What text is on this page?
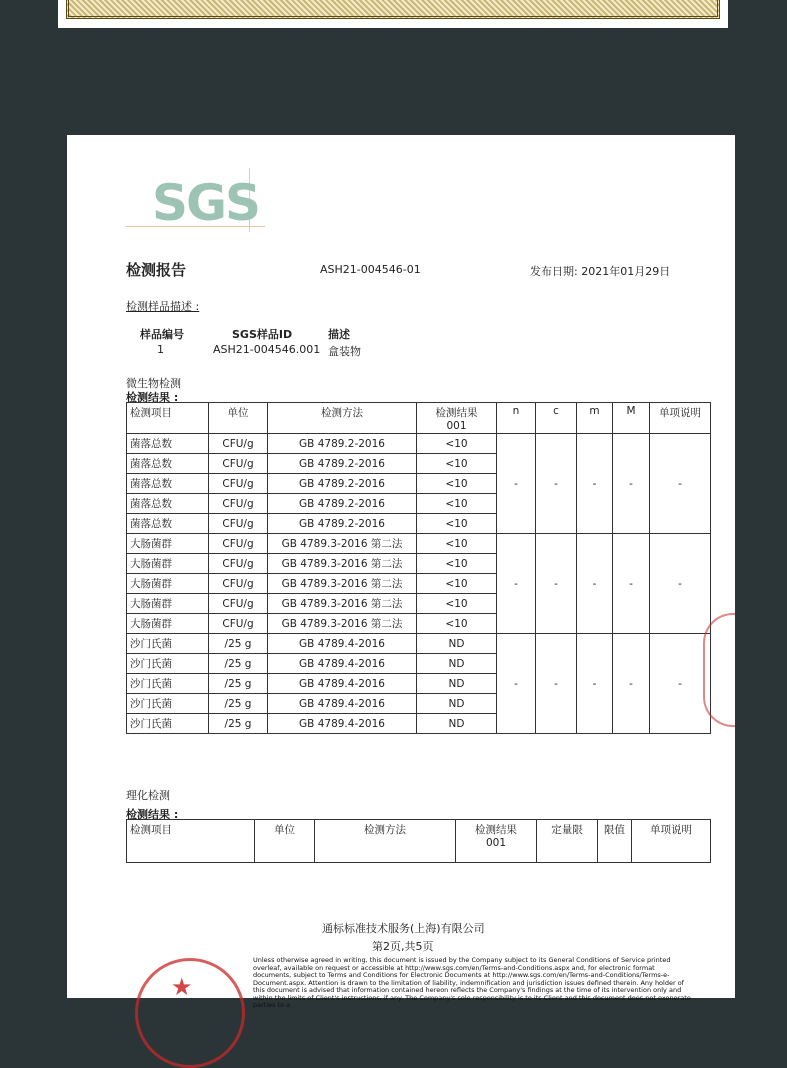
SGS
检测报告	ASH21-004546-01	发布日期: 2021年01月29日
检测样品描述 :
样品编号	SGS样品ID	描述
1	ASH21-004546.001 盒装物
微生物检测
检测结果 :
检测项目	单位	检测方法	检测结果
001	n	c	m	M	单项说明
菌落总数	CFU/g	GB 4789.2-2016	<10	-	-	-	-	-
菌落总数	CFU/g	GB 4789.2-2016	<10					
菌落总数	CFU/g	GB 4789.2-2016	<10					
菌落总数	CFU/g	GB 4789.2-2016	<10					
菌落总数	CFU/g	GB 4789.2-2016	<10					
大肠菌群	CFU/g	GB 4789.3-2016 第二法	<10	-	-	-	-	-
大肠菌群	CFU/g	GB 4789.3-2016 第二法	<10					
大肠菌群	CFU/g	GB 4789.3-2016 第二法	<10					
大肠菌群	CFU/g	GB 4789.3-2016 第二法	<10					
大肠菌群	CFU/g	GB 4789.3-2016 第二法	<10					
沙门氏菌	/25 g	GB 4789.4-2016	ND	-	-	-	-	-
沙门氏菌	/25 g	GB 4789.4-2016	ND					
沙门氏菌	/25 g	GB 4789.4-2016	ND					
沙门氏菌	/25 g	GB 4789.4-2016	ND					
沙门氏菌	/25 g	GB 4789.4-2016	ND					
理化检测
检测结果 :
检测项目	单位	检测方法	检测结果
001	定量限	限值	单项说明
通标标准技术服务(上海)有限公司
第2页,共5页
Unless otherwise agreed in writing, this document is issued by the Company subject to its General Conditions of Service printed overleaf, available on request or accessible at http://www.sgs.com/en/Terms-and-Conditions.aspx and, for electronic format documents, subject to Terms and Conditions for Electronic Documents at http://www.sgs.com/en/Terms-and-Conditions/Terms-e-Document.aspx. Attention is drawn to the limitation of liability, indemnification and jurisdiction issues defined therein. Any holder of this document is advised that information contained hereon reflects the Company's findings at the time of its intervention only and within the limits of Client's instructions, if any. The Company's sole responsibility is to its Client and this document does not exonerate parties to a
★
